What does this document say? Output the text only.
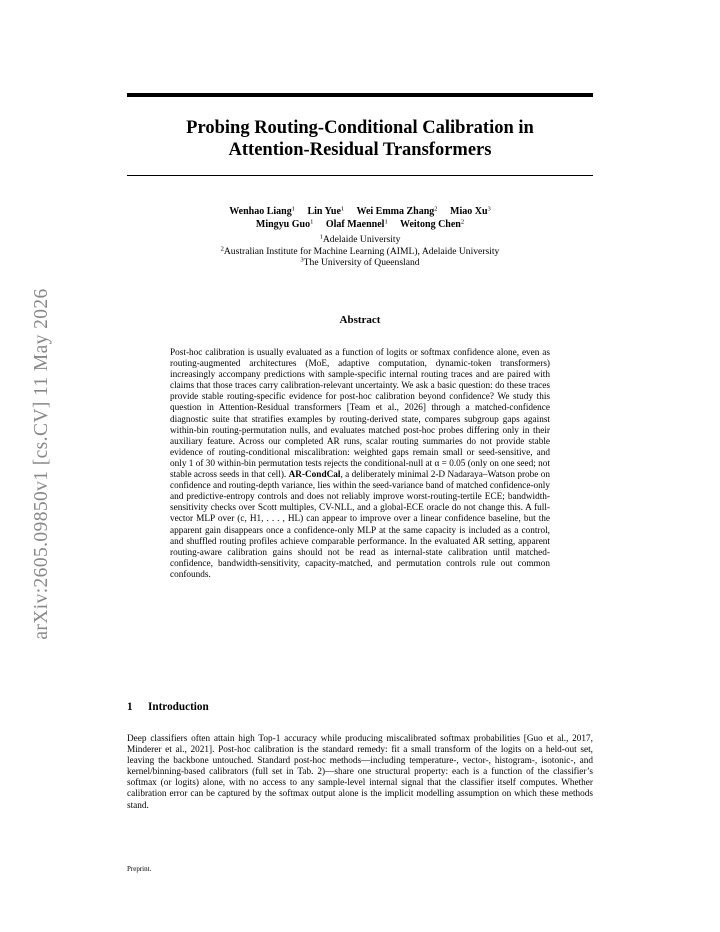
arXiv:2605.09850v1 [cs.CV] 11 May 2026
Probing Routing-Conditional Calibration in
Attention-Residual Transformers
Wenhao Liang$^1$ Lin Yue$^1$ Wei Emma Zhang$^2$ Miao Xu$^3$
Mingyu Guo$^1$ Olaf Maennel$^1$ Weitong Chen$^2$
$^1$Adelaide University
$^2$Australian Institute for Machine Learning (AIML), Adelaide University
$^3$The University of Queensland
Abstract
Post-hoc calibration is usually evaluated as a function of logits or softmax confidence alone, even as routing-augmented architectures (MoE, adaptive computation, dynamic-token transformers) increasingly accompany predictions with sample-specific internal routing traces and are paired with claims that those traces carry calibration-relevant uncertainty. We ask a basic question: do these traces provide stable routing-specific evidence for post-hoc calibration beyond confidence? We study this question in Attention-Residual transformers [Team et al., 2026] through a matched-confidence diagnostic suite that stratifies examples by routing-derived state, compares subgroup gaps against within-bin routing-permutation nulls, and evaluates matched post-hoc probes differing only in their auxiliary feature. Across our completed AR runs, scalar routing summaries do not provide stable evidence of routing-conditional miscalibration: weighted gaps remain small or seed-sensitive, and only 1 of 30 within-bin permutation tests rejects the conditional-null at α = 0.05 (only on one seed; not stable across seeds in that cell). AR-CondCal, a deliberately minimal 2-D Nadaraya–Watson probe on confidence and routing-depth variance, lies within the seed-variance band of matched confidence-only and predictive-entropy controls and does not reliably improve worst-routing-tertile ECE; bandwidth-sensitivity checks over Scott multiples, CV-NLL, and a global-ECE oracle do not change this. A full-vector MLP over (c, H1, . . . , HL) can appear to improve over a linear confidence baseline, but the apparent gain disappears once a confidence-only MLP at the same capacity is included as a control, and shuffled routing profiles achieve comparable performance. In the evaluated AR setting, apparent routing-aware calibration gains should not be read as internal-state calibration until matched-confidence, bandwidth-sensitivity, capacity-matched, and permutation controls rule out common confounds.
1 Introduction
Deep classifiers often attain high Top-1 accuracy while producing miscalibrated softmax probabilities [Guo et al., 2017, Minderer et al., 2021]. Post-hoc calibration is the standard remedy: fit a small transform of the logits on a held-out set, leaving the backbone untouched. Standard post-hoc methods—including temperature-, vector-, histogram-, isotonic-, and kernel/binning-based calibrators (full set in Tab. 2)—share one structural property: each is a function of the classifier’s softmax (or logits) alone, with no access to any sample-level internal signal that the classifier itself computes. Whether calibration error can be captured by the softmax output alone is the implicit modelling assumption on which these methods stand.
Preprint.
